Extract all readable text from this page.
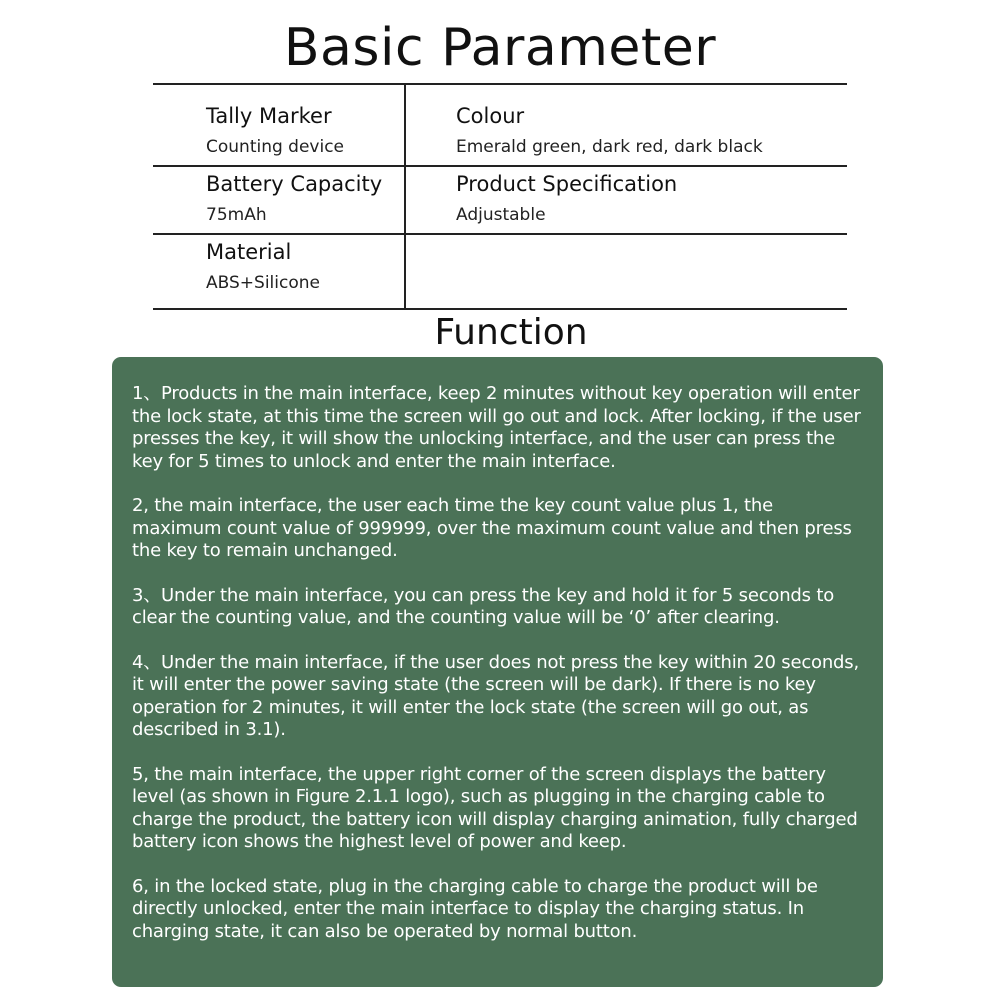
Basic Parameter
Tally Marker
Counting device
Colour
Emerald green, dark red, dark black
Battery Capacity
75mAh
Product Specification
Adjustable
Material
ABS+Silicone
Function

1、Products in the main interface, keep 2 minutes without key operation will enter the lock state, at this time the screen will go out and lock. After locking, if the user presses the key, it will show the unlocking interface, and the user can press the key for 5 times to unlock and enter the main interface.

2, the main interface, the user each time the key count value plus 1, the maximum count value of 999999, over the maximum count value and then press the key to remain unchanged.

3、Under the main interface, you can press the key and hold it for 5 seconds to clear the counting value, and the counting value will be ‘0’ after clearing.

4、Under the main interface, if the user does not press the key within 20 seconds, it will enter the power saving state (the screen will be dark). If there is no key operation for 2 minutes, it will enter the lock state (the screen will go out, as described in 3.1).

5, the main interface, the upper right corner of the screen displays the battery level (as shown in Figure 2.1.1 logo), such as plugging in the charging cable to charge the product, the battery icon will display charging animation, fully charged battery icon shows the highest level of power and keep.

6, in the locked state, plug in the charging cable to charge the product will be directly unlocked, enter the main interface to display the charging status. In charging state, it can also be operated by normal button.
